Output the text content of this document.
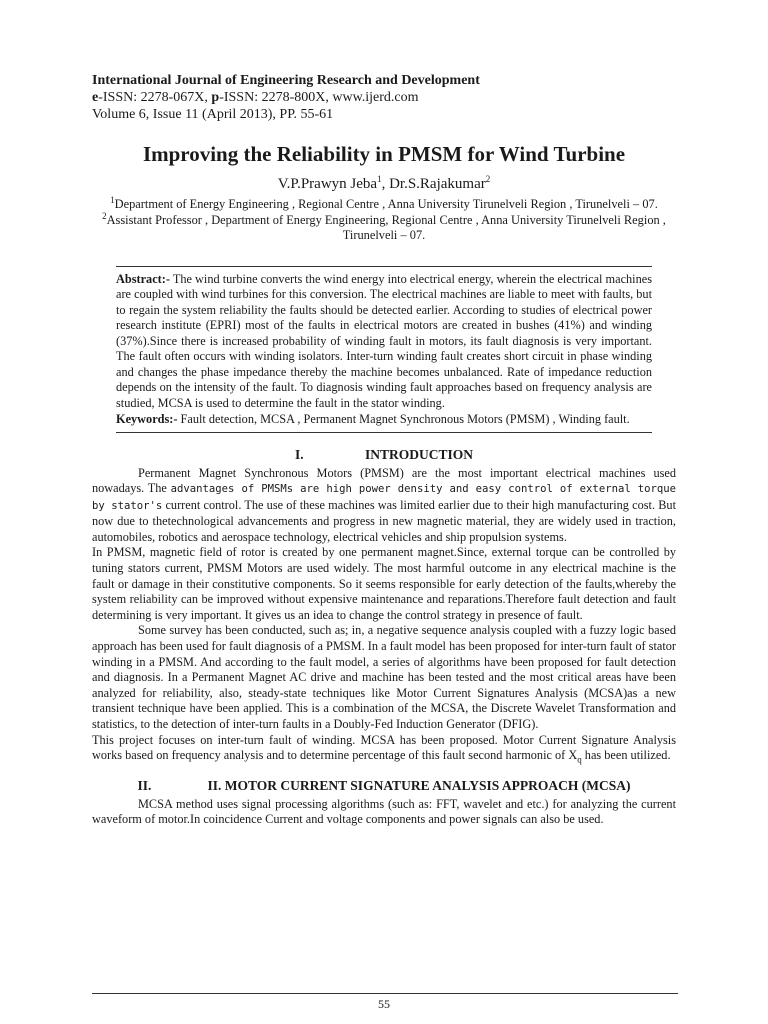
International Journal of Engineering Research and Development
e-ISSN: 2278-067X, p-ISSN: 2278-800X, www.ijerd.com
Volume 6, Issue 11 (April 2013), PP. 55-61
Improving the Reliability in PMSM for Wind Turbine
V.P.Prawyn Jeba$^1$, Dr.S.Rajakumar$^2$
$^1$Department of Energy Engineering , Regional Centre , Anna University Tirunelveli Region , Tirunelveli – 07.
$^2$Assistant Professor , Department of Energy Engineering, Regional Centre , Anna University Tirunelveli Region , Tirunelveli – 07.
Abstract:- The wind turbine converts the wind energy into electrical energy, wherein the electrical machines are coupled with wind turbines for this conversion. The electrical machines are liable to meet with faults, but to regain the system reliability the faults should be detected earlier. According to studies of electrical power research institute (EPRI) most of the faults in electrical motors are created in bushes (41%) and winding (37%).Since there is increased probability of winding fault in motors, its fault diagnosis is very important. The fault often occurs with winding isolators. Inter-turn winding fault creates short circuit in phase winding and changes the phase impedance thereby the machine becomes unbalanced. Rate of impedance reduction depends on the intensity of the fault. To diagnosis winding fault approaches based on frequency analysis are studied, MCSA is used to determine the fault in the stator winding.
Keywords:- Fault detection, MCSA , Permanent Magnet Synchronous Motors (PMSM) , Winding fault.
I.	INTRODUCTION

Permanent Magnet Synchronous Motors (PMSM) are the most important electrical machines used nowadays. The advantages of PMSMs are high power density and easy control of external torque by stator's current control. The use of these machines was limited earlier due to their high manufacturing cost. But now due to thetechnological advancements and progress in new magnetic material, they are widely used in traction, automobiles, robotics and aerospace technology, electrical vehicles and ship propulsion systems.

In PMSM, magnetic field of rotor is created by one permanent magnet.Since, external torque can be controlled by tuning stators current, PMSM Motors are used widely. The most harmful outcome in any electrical machine is the fault or damage in their constitutive components. So it seems responsible for early detection of the faults,whereby the system reliability can be improved without expensive maintenance and reparations.Therefore fault detection and fault determining is very important. It gives us an idea to change the control strategy in presence of fault.

Some survey has been conducted, such as; in, a negative sequence analysis coupled with a fuzzy logic based approach has been used for fault diagnosis of a PMSM. In a fault model has been proposed for inter-turn fault of stator winding in a PMSM. And according to the fault model, a series of algorithms have been proposed for fault detection and diagnosis. In a Permanent Magnet AC drive and machine has been tested and the most critical areas have been analyzed for reliability, also, steady-state techniques like Motor Current Signatures Analysis (MCSA)as a new transient technique have been applied. This is a combination of the MCSA, the Discrete Wavelet Transformation and statistics, to the detection of inter-turn faults in a Doubly-Fed Induction Generator (DFIG).

This project focuses on inter-turn fault of winding. MCSA has been proposed. Motor Current Signature Analysis works based on frequency analysis and to determine percentage of this fault second harmonic of $X_q$ has been utilized.

II.	II. MOTOR CURRENT SIGNATURE ANALYSIS APPROACH (MCSA)

MCSA method uses signal processing algorithms (such as: FFT, wavelet and etc.) for analyzing the current waveform of motor.In coincidence Current and voltage components and power signals can also be used.

55
